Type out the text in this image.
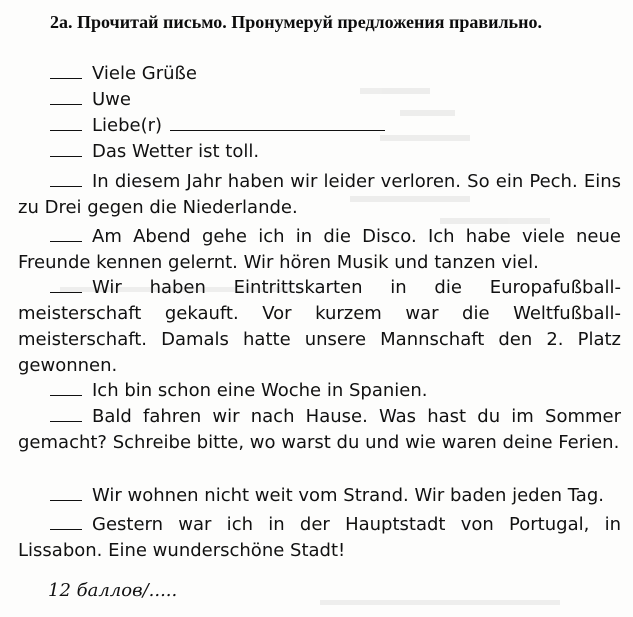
2а. Прочитай письмо. Пронумеруй предложения правильно.
Viele Grüße
Uwe
Liebe(r)
Das Wetter ist toll.
In diesem Jahr haben wir leider verloren. So ein Pech. Eins zu Drei gegen die Niederlande.
Am Abend gehe ich in die Disco. Ich habe viele neue Freunde kennen gelernt. Wir hören Musik und tanzen viel.
Wir haben Eintrittskarten in die Europafußball-meisterschaft gekauft. Vor kurzem war die Weltfußball-meisterschaft. Damals hatte unsere Mannschaft den 2. Platz gewonnen.
Ich bin schon eine Woche in Spanien.
Bald fahren wir nach Hause. Was hast du im Sommer gemacht? Schreibe bitte, wo warst du und wie waren deine Ferien.
Wir wohnen nicht weit vom Strand. Wir baden jeden Tag.
Gestern war ich in der Hauptstadt von Portugal, in Lissabon. Eine wunderschöne Stadt!
12 баллов/.....
